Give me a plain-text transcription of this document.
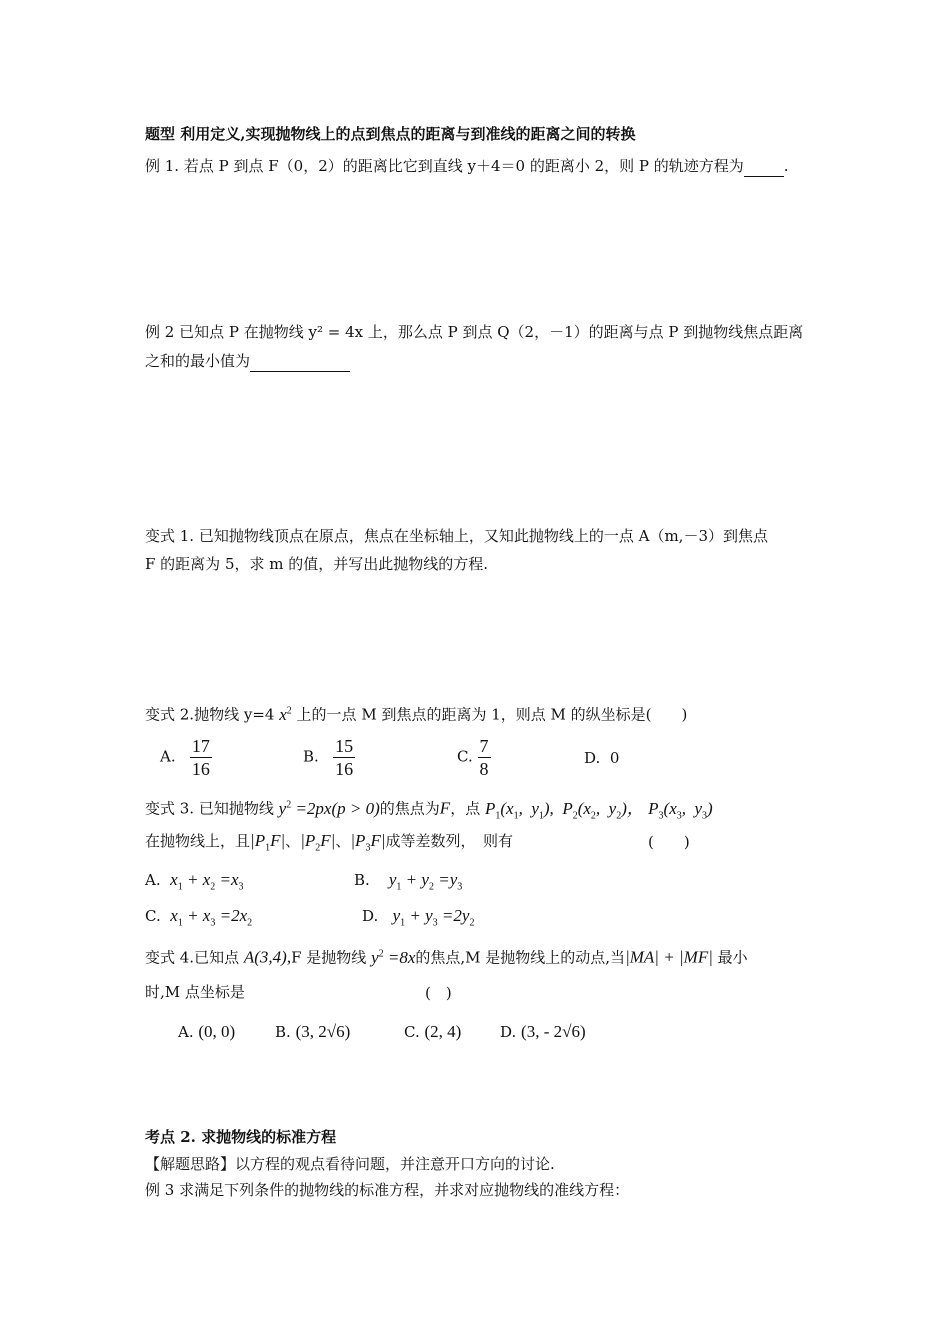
题型 利用定义,实现抛物线上的点到焦点的距离与到准线的距离之间的转换
例 1. 若点 P 到点 F（0，2）的距离比它到直线 y＋4＝0 的距离小 2，则 P 的轨迹方程为	.
例 2 已知点 P 在抛物线 y² = 4x 上，那么点 P 到点 Q（2，－1）的距离与点 P 到抛物线焦点距离
之和的最小值为
变式 1. 已知抛物线顶点在原点，焦点在坐标轴上，又知此抛物线上的一点 A（m,－3）到焦点
F 的距离为 5，求 m 的值，并写出此抛物线的方程.
变式 2.抛物线 y=4 $x^2$ 上的一点 M 到焦点的距离为 1，则点 M 的纵坐标是(　　)
A. $\frac{17}{16}$	B. $\frac{15}{16}$	C. $\frac{7}{8}$	D. 0
变式 3. 已知抛物线 $y^2 =2px(p > 0)$的焦点为F，点 $P_1(x_1$,  $y_1$),  $P_2(x_2$,  $y_2$)， $P_3(x_3$,  $y_3$)
在抛物线上，且$|P_1F|$、$|P_2F|$、$|P_3F|$成等差数列，　则有	(　　)
A. $x_1 + x_2 =x_3$	B. $y_1 + y_2 =y_3$
C. $x_1 + x_3 =2x_2$	D. $y_1 + y_3 =2y_2$
变式 4.已知点 A(3,4),F 是抛物线 $y^2 =8x$的焦点,M 是抛物线上的动点,当|MA| + |MF| 最小
时,M 点坐标是	(　)
A. (0, 0)	B. (3, 2√6)	C. (2, 4)	D. (3, - 2√6)
考点 2. 求抛物线的标准方程
【解题思路】以方程的观点看待问题，并注意开口方向的讨论.
例 3 求满足下列条件的抛物线的标准方程，并求对应抛物线的准线方程：
